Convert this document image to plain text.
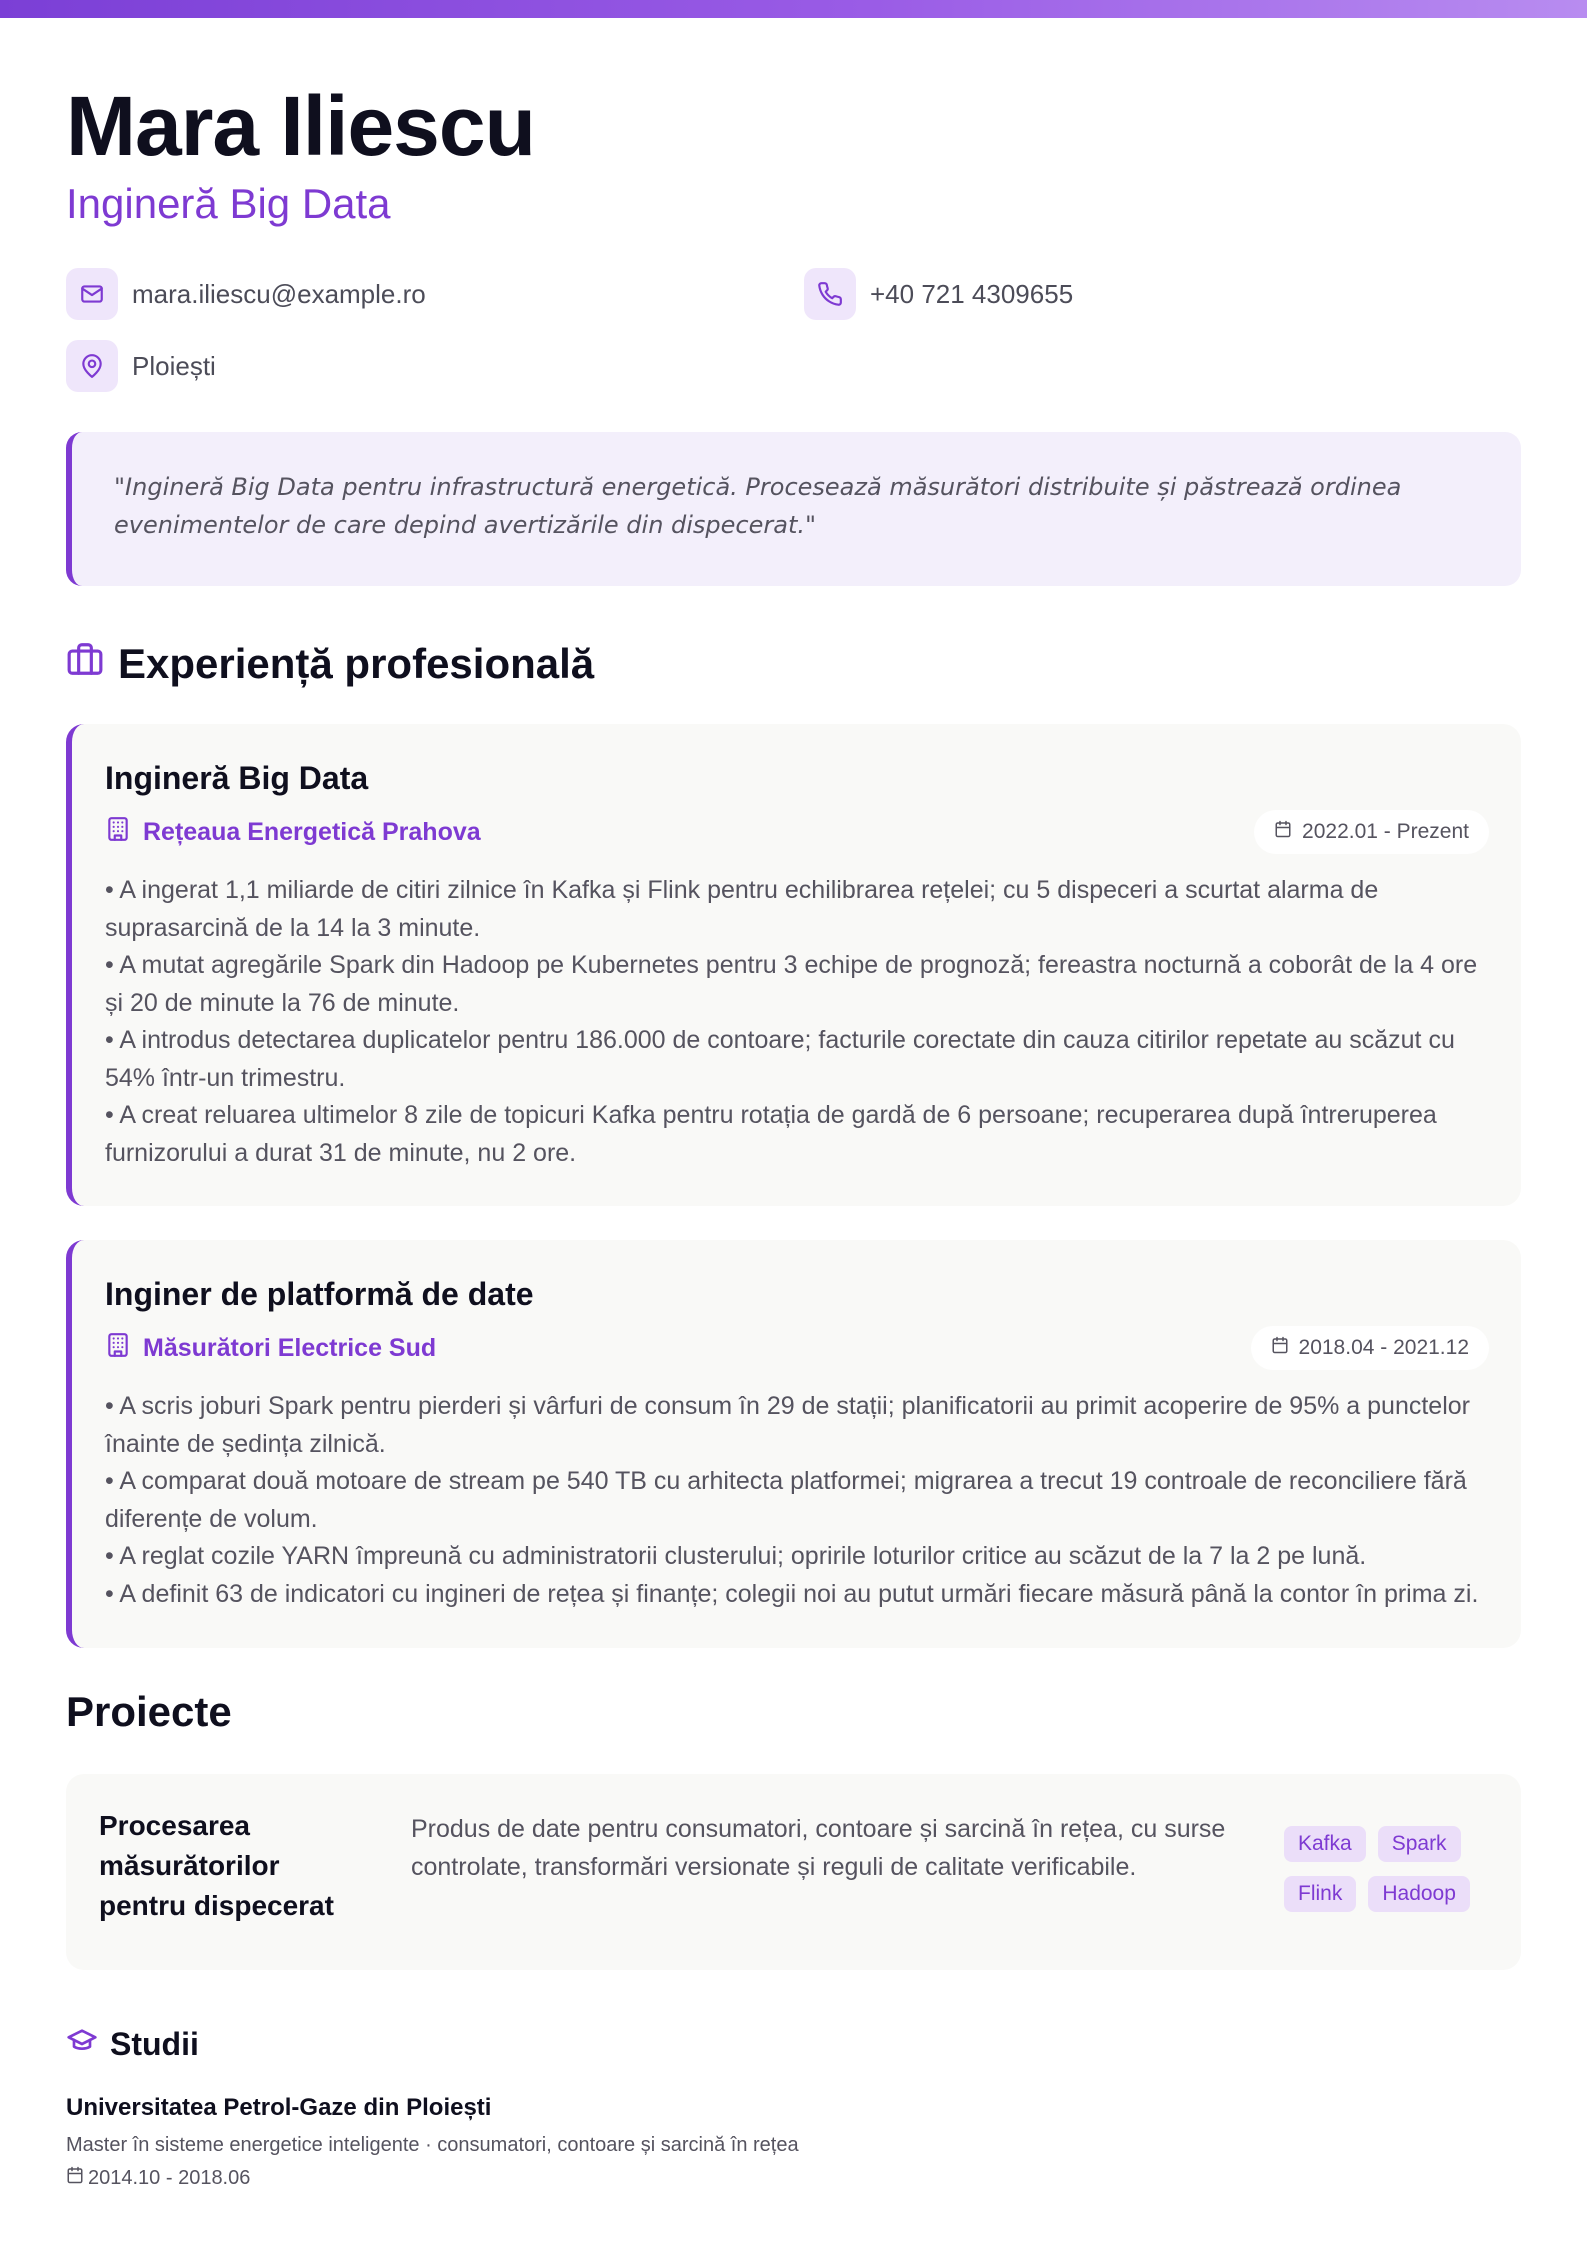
Mara Iliescu
Ingineră Big Data
mara.iliescu@example.ro	+40 721 4309655
Ploiești
"Ingineră Big Data pentru infrastructură energetică. Procesează măsurători distribuite și păstrează ordinea evenimentelor de care depind avertizările din dispecerat."
Experiență profesională
Ingineră Big Data
Rețeaua Energetică Prahova	2022.01 - Prezent
• A ingerat 1,1 miliarde de citiri zilnice în Kafka și Flink pentru echilibrarea rețelei; cu 5 dispeceri a scurtat alarma de suprasarcină de la 14 la 3 minute.
• A mutat agregările Spark din Hadoop pe Kubernetes pentru 3 echipe de prognoză; fereastra nocturnă a coborât de la 4 ore și 20 de minute la 76 de minute.
• A introdus detectarea duplicatelor pentru 186.000 de contoare; facturile corectate din cauza citirilor repetate au scăzut cu 54% într-un trimestru.
• A creat reluarea ultimelor 8 zile de topicuri Kafka pentru rotația de gardă de 6 persoane; recuperarea după întreruperea furnizorului a durat 31 de minute, nu 2 ore.
Inginer de platformă de date
Măsurători Electrice Sud	2018.04 - 2021.12
• A scris joburi Spark pentru pierderi și vârfuri de consum în 29 de stații; planificatorii au primit acoperire de 95% a punctelor înainte de ședința zilnică.
• A comparat două motoare de stream pe 540 TB cu arhitecta platformei; migrarea a trecut 19 controale de reconciliere fără diferențe de volum.
• A reglat cozile YARN împreună cu administratorii clusterului; opririle loturilor critice au scăzut de la 7 la 2 pe lună.
• A definit 63 de indicatori cu ingineri de rețea și finanțe; colegii noi au putut urmări fiecare măsură până la contor în prima zi.
Proiecte
Procesarea măsurătorilor pentru dispecerat
Produs de date pentru consumatori, contoare și sarcină în rețea, cu surse controlate, transformări versionate și reguli de calitate verificabile.
Kafka	Spark
Flink	Hadoop
Studii
Universitatea Petrol-Gaze din Ploiești
Master în sisteme energetice inteligente · consumatori, contoare și sarcină în rețea
2014.10 - 2018.06
